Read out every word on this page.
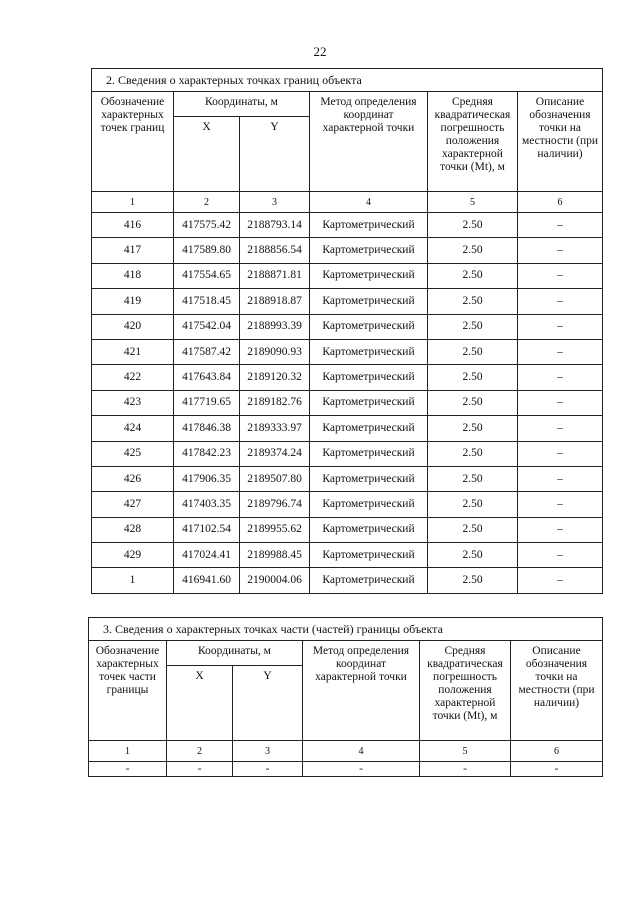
22
2. Сведения о характерных точках границ объекта					
Обозначение характерных точек границ	Координаты, м		Метод определения координат характерной точки	Средняя квадратическая погрешность положения характерной точки (Mt), м	Описание обозначения точки на местности (при наличии)
	X	Y			
1	2	3	4	5	6
416	417575.42	2188793.14	Картометрический	2.50	–
417	417589.80	2188856.54	Картометрический	2.50	–
418	417554.65	2188871.81	Картометрический	2.50	–
419	417518.45	2188918.87	Картометрический	2.50	–
420	417542.04	2188993.39	Картометрический	2.50	–
421	417587.42	2189090.93	Картометрический	2.50	–
422	417643.84	2189120.32	Картометрический	2.50	–
423	417719.65	2189182.76	Картометрический	2.50	–
424	417846.38	2189333.97	Картометрический	2.50	–
425	417842.23	2189374.24	Картометрический	2.50	–
426	417906.35	2189507.80	Картометрический	2.50	–
427	417403.35	2189796.74	Картометрический	2.50	–
428	417102.54	2189955.62	Картометрический	2.50	–
429	417024.41	2189988.45	Картометрический	2.50	–
1	416941.60	2190004.06	Картометрический	2.50	–
3. Сведения о характерных точках части (частей) границы объекта					
Обозначение характерных точек части границы	Координаты, м		Метод определения координат характерной точки	Средняя квадратическая погрешность положения характерной точки (Mt), м	Описание обозначения точки на местности (при наличии)
	X	Y			
1	2	3	4	5	6
-	-	-	-	-	-
